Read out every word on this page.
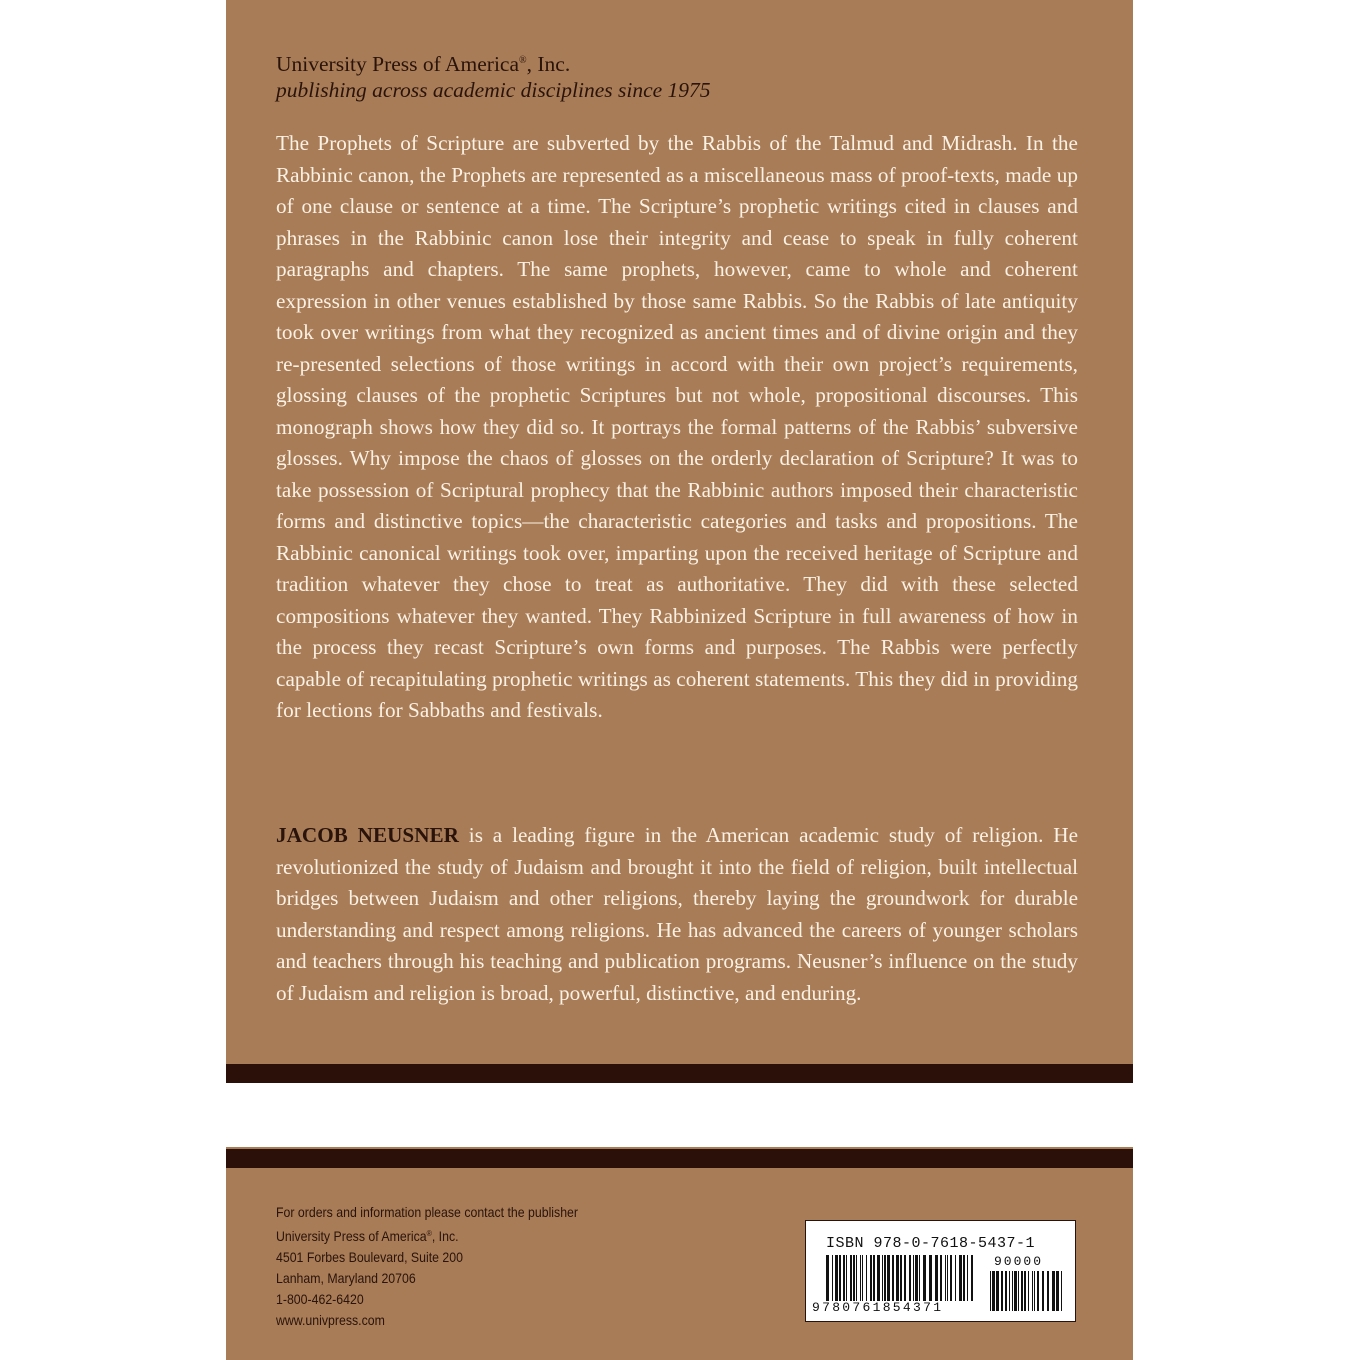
University Press of America®, Inc.
publishing across academic disciplines since 1975

The Prophets of Scripture are subverted by the Rabbis of the Talmud and Midrash. In the Rabbinic canon, the Prophets are represented as a miscellaneous mass of proof-texts, made up of one clause or sentence at a time. The Scripture’s prophetic writings cited in clauses and phrases in the Rabbinic canon lose their integrity and cease to speak in fully coherent paragraphs and chapters. The same prophets, however, came to whole and coherent expression in other venues established by those same Rabbis. So the Rabbis of late antiquity took over writings from what they recognized as ancient times and of divine origin and they re-presented selections of those writings in accord with their own project’s requirements, glossing clauses of the prophetic Scriptures but not whole, propositional discourses. This monograph shows how they did so. It portrays the formal patterns of the Rabbis’ subversive glosses. Why impose the chaos of glosses on the orderly declaration of Scripture? It was to take possession of Scriptural prophecy that the Rabbinic authors imposed their characteristic forms and distinctive topics—the characteristic categories and tasks and propositions. The Rabbinic canonical writings took over, imparting upon the received heritage of Scripture and tradition whatever they chose to treat as authoritative. They did with these selected compositions whatever they wanted. They Rabbinized Scripture in full awareness of how in the process they recast Scripture’s own forms and purposes. The Rabbis were perfectly capable of recapitulating prophetic writings as coherent statements. This they did in providing for lections for Sabbaths and festivals.

JACOB NEUSNER is a leading figure in the American academic study of religion. He revolutionized the study of Judaism and brought it into the field of religion, built intellectual bridges between Judaism and other religions, thereby laying the groundwork for durable understanding and respect among religions. He has advanced the careers of younger scholars and teachers through his teaching and publication programs. Neusner’s influence on the study of Judaism and religion is broad, powerful, distinctive, and enduring.

For orders and information please contact the publisher
University Press of America®, Inc.
4501 Forbes Boulevard, Suite 200
Lanham, Maryland 20706
1-800-462-6420
www.univpress.com
ISBN 978-0-7618-5437-1
90000
9780761854371
